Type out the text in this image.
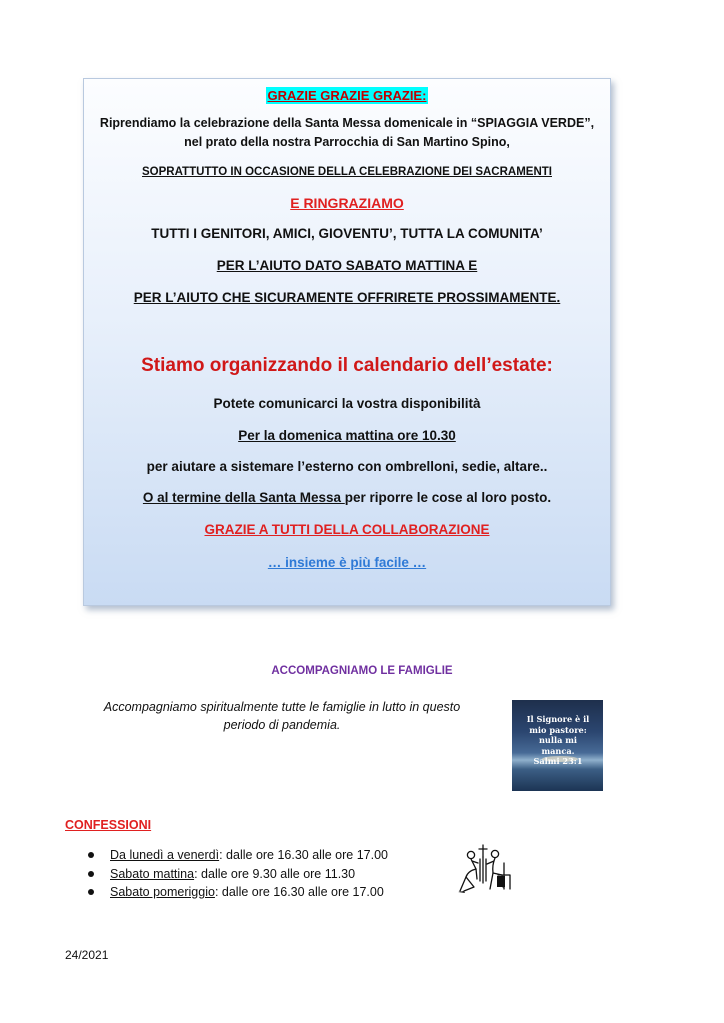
GRAZIE GRAZIE GRAZIE:
Riprendiamo la celebrazione della Santa Messa domenicale in “SPIAGGIA VERDE”,
nel prato della nostra Parrocchia di San Martino Spino,
SOPRATTUTTO IN OCCASIONE DELLA CELEBRAZIONE DEI SACRAMENTI
E RINGRAZIAMO
TUTTI I GENITORI, AMICI, GIOVENTU’, TUTTA LA COMUNITA’
PER L’AIUTO DATO SABATO MATTINA E
PER L’AIUTO CHE SICURAMENTE OFFRIRETE PROSSIMAMENTE.
Stiamo organizzando il calendario dell’estate:
Potete comunicarci la vostra disponibilità
Per la domenica mattina ore 10.30
per aiutare a sistemare l’esterno con ombrelloni, sedie, altare..
O al termine della Santa Messa per riporre le cose al loro posto.
GRAZIE A TUTTI DELLA COLLABORAZIONE
… insieme è più facile …
ACCOMPAGNIAMO LE FAMIGLIE
Accompagniamo spiritualmente tutte le famiglie in lutto in questo periodo di pandemia.	Il Signore è il
mio pastore:
nulla mi
manca.
Salmi 23:1
CONFESSIONI
Da lunedì a venerdì: dalle ore 16.30 alle ore 17.00
Sabato mattina: dalle ore 9.30 alle ore 11.30
Sabato pomeriggio: dalle ore 16.30 alle ore 17.00
24/2021
